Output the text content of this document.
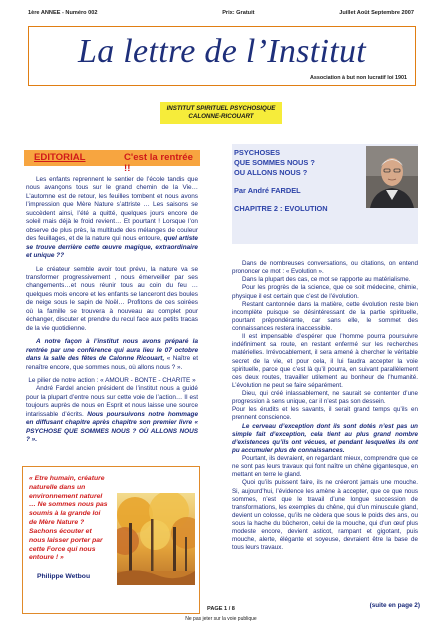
1ère ANNEE - Numéro 002	Prix: Gratuit	Juillet Août Septembre 2007
La lettre de l’Institut
Association à but non lucratif loi 1901
INSTITUT SPIRITUEL PSYCHOSIQUE
CALONNE-RICOUART
EDITORIAL	C'est la rentrée !!

Les enfants reprennent le sentier de l’école tandis que nous avançons tous sur le grand chemin de la Vie… L’automne est de retour, les feuilles tombent et nous avons l’impression que Mère Nature s’attriste … Les saisons se succèdent ainsi, l’été a quitté, quelques jours encore de soleil mais déjà le froid revient… Et pourtant ! Lorsque l’on observe de plus près, la multitude des mélanges de couleur des feuillages, et de la nature qui nous entoure, quel artiste se trouve derrière cette œuvre magique, extraordinaire et unique ??

Le créateur semble avoir tout prévu, la nature va se transformer progressivement , nous émerveiller par ses changements…et nous réunir tous au coin du feu …quelques mois encore et les enfants se lanceront des boules de neige sous le sapin de Noël… Profitons de ces soirées où la famille se trouvera à nouveau au complet pour échanger, discuter et prendre du recul face aux petits tracas de la vie quotidienne.

A notre façon à l’institut nous avons préparé la rentrée par une conférence qui aura lieu le 07 octobre dans la salle des fêtes de Calonne Ricouart, « Naître et renaître encore, que sommes nous, où allons nous ? ».

Le pilier de notre action : « AMOUR - BONTE - CHARITE »

André Fardel ancien président de l’institut nous a guidé pour la plupart d’entre nous sur cette voie de l’action… Il est toujours auprès de nous en Esprit et nous laisse une source intarissable d’écrits. Nous poursuivons notre hommage en diffusant chapitre après chapitre son premier livre « PSYCHOSE QUE SOMMES NOUS ? OÙ ALLONS NOUS ? ».

« Etre humain, créature naturelle dans un environnement naturel … Ne sommes nous pas soumis à la grande loi de Mère Nature ? Sachons écouter et nous laisser porter par cette Force qui nous entoure ! »
Philippe Wetbou
PSYCHOSES
QUE SOMMES NOUS ?
OU ALLONS NOUS ?
Par André FARDEL
CHAPITRE 2 : EVOLUTION

Dans de nombreuses conversations, ou citations, on entend prononcer ce mot : « Evolution ».

Dans la plupart des cas, ce mot se rapporte au matérialisme.

Pour les progrès de la science, que ce soit médecine, chimie, physique il est certain que c’est de l’évolution.

Restant cantonnée dans la matière, cette évolution reste bien incomplète puisque se désintéressant de la partie spirituelle, pourtant prépondérante, car sans elle, le sommet des connaissances restera inaccessible.

Il est impensable d’espérer que l’homme pourra poursuivre indéfiniment sa route, en restant enfermé sur les recherches matérielles. Irrévocablement, il sera amené à chercher le véritable secret de la vie, et pour cela, il lui faudra accepter la voie spirituelle, parce que c’est là qu’il pourra, en suivant parallèlement ces deux routes, travailler utilement au bonheur de l’humanité. L’évolution ne peut se faire séparément.

Dieu, qui créé inlassablement, ne saurait se contenter d’une progression à sens unique, car il n’est pas son dessein.

Pour les érudits et les savants, il serait grand temps qu’ils en prennent conscience.

Le cerveau d’exception dont ils sont dotés n’est pas un simple fait d’exception, cela tient au plus grand nombre d’existences qu’ils ont vécues, et pendant lesquelles ils ont pu accumuler plus de connaissances.

Pourtant, ils devraient, en regardant mieux, comprendre que ce ne sont pas leurs travaux qui font naître un chêne gigantesque, en mettant en terre le gland.

Quoi qu’ils puissent faire, ils ne créeront jamais une mouche. Si, aujourd’hui, l’évidence les amène à accepter, que ce que nous sommes, n’est que le travail d’une longue succession de transformations, les exemples du chêne, qui d’un minuscule gland, devient un colosse, qu’ils ne cèdera que sous le poids des ans, ou sous la hache du bûcheron, celui de la mouche, qui d’un œuf plus modeste encore, devient asticot, rampant et gigotant, puis mouche, alerte, élégante et soyeuse, devraient être la base de tous leurs travaux.

(suite en page 2)
PAGE 1 / 8
Ne pas jeter sur la voie publique
